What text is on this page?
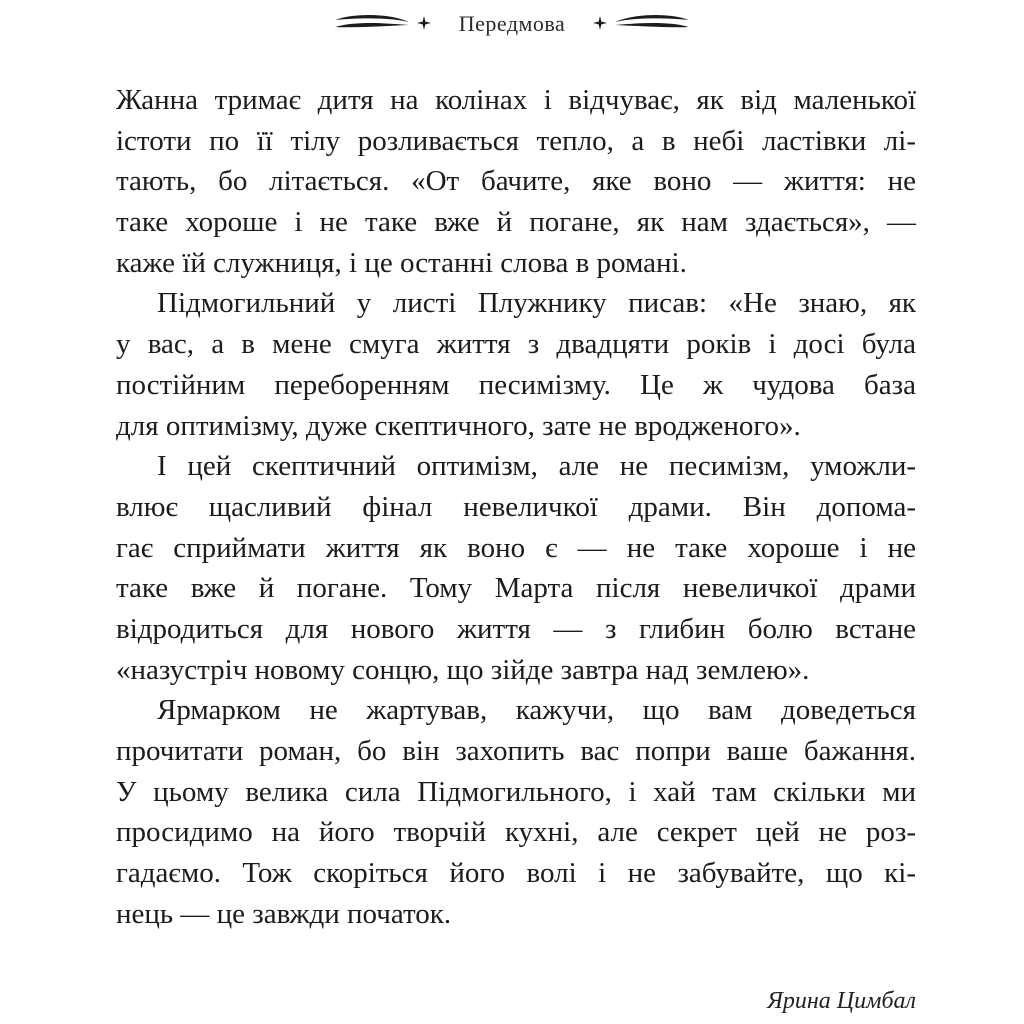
Передмова
Жанна тримає дитя на колінах і відчуває, як від маленької
істоти по її тілу розливається тепло, а в небі ластівки лі-
тають, бо літається. «От бачите, яке воно — життя: не
таке хороше і не таке вже й погане, як нам здається», —
каже їй служниця, і це останні слова в романі.
Підмогильний у листі Плужнику писав: «Не знаю, як
у вас, а в мене смуга життя з двадцяти років і досі була
постійним переборенням песимізму. Це ж чудова база
для оптимізму, дуже скептичного, зате не вродженого».
І цей скептичний оптимізм, але не песимізм, уможли-
влює щасливий фінал невеличкої драми. Він допома-
гає сприймати життя як воно є — не таке хороше і не
таке вже й погане. Тому Марта після невеличкої драми
відродиться для нового життя — з глибин болю встане
«назустріч новому сонцю, що зійде завтра над землею».
Ярмарком не жартував, кажучи, що вам доведеться
прочитати роман, бо він захопить вас попри ваше бажання.
У цьому велика сила Підмогильного, і хай там скільки ми
просидимо на його творчій кухні, але секрет цей не роз-
гадаємо. Тож скоріться його волі і не забувайте, що кі-
нець — це завжди початок.
Ярина Цимбал
